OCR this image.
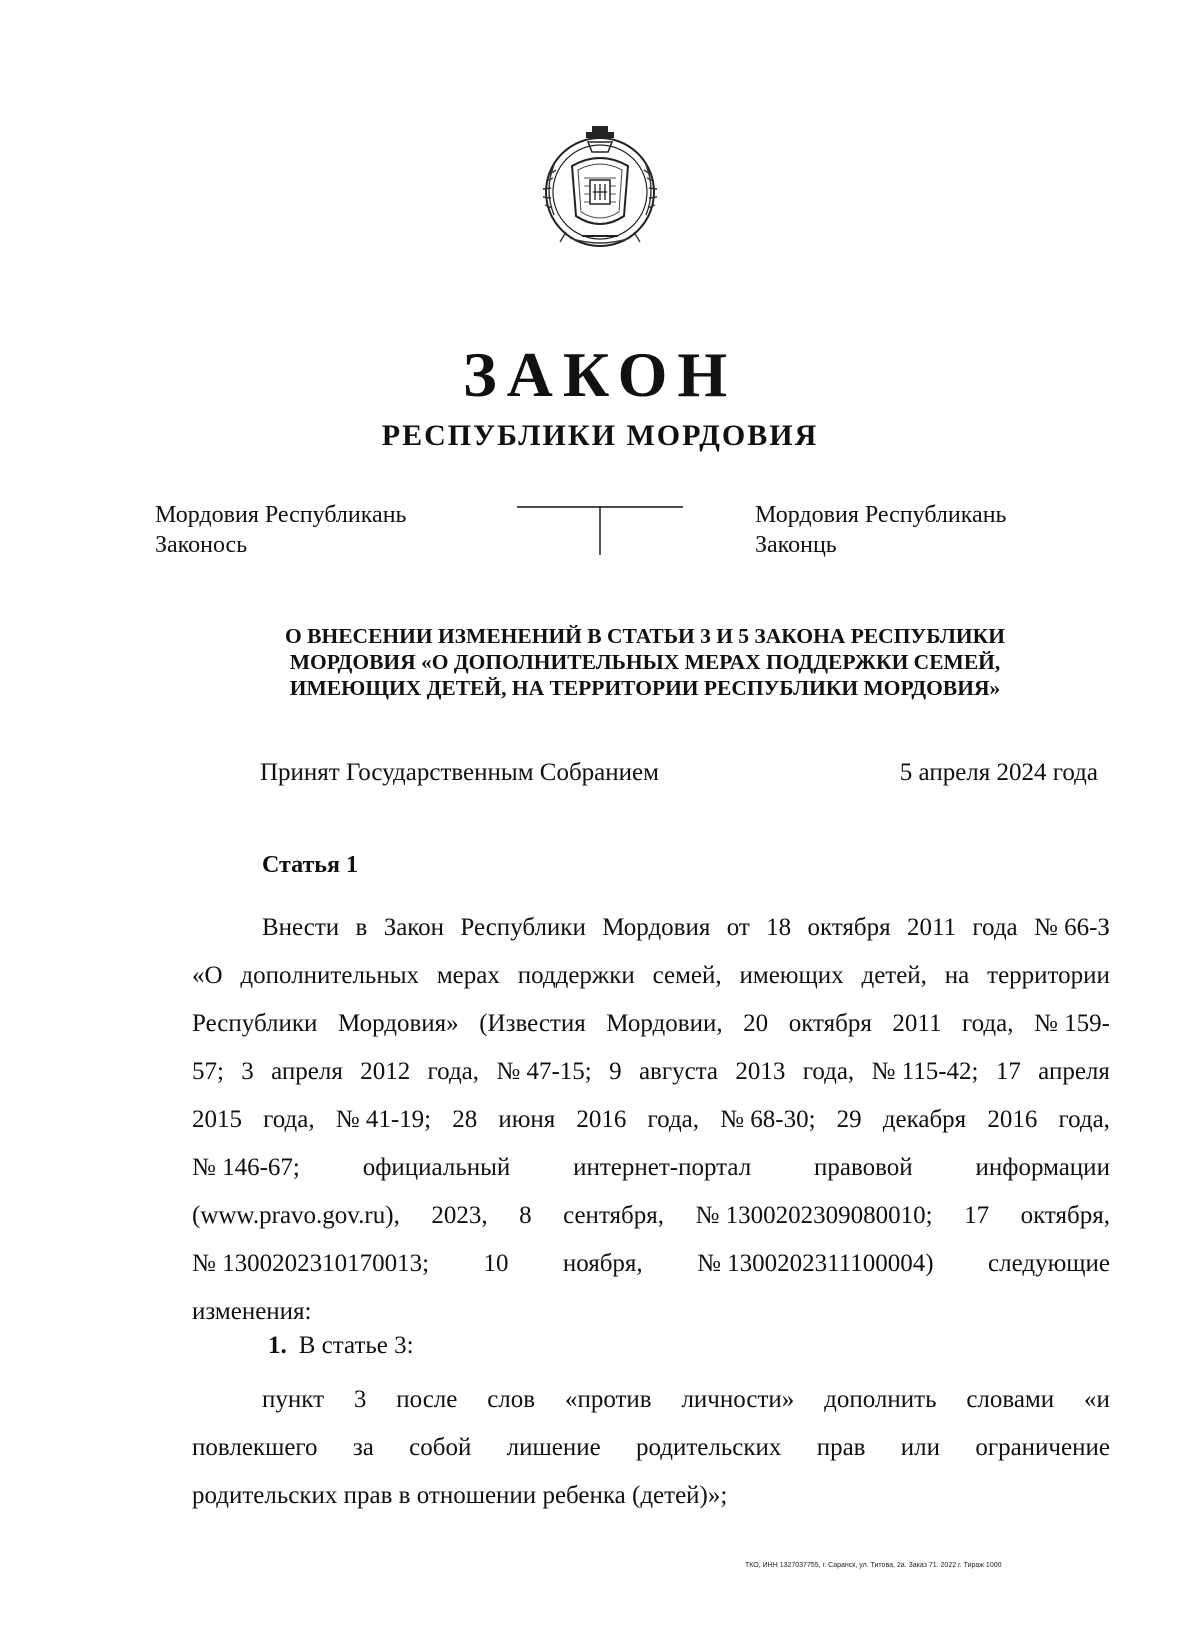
ЗАКОН
РЕСПУБЛИКИ МОРДОВИЯ
Мордовия Республикань
Законось
Мордовия Республикань
Законць
О ВНЕСЕНИИ ИЗМЕНЕНИЙ В СТАТЬИ 3 И 5 ЗАКОНА РЕСПУБЛИКИ
МОРДОВИЯ «О ДОПОЛНИТЕЛЬНЫХ МЕРАХ ПОДДЕРЖКИ СЕМЕЙ,
ИМЕЮЩИХ ДЕТЕЙ, НА ТЕРРИТОРИИ РЕСПУБЛИКИ МОРДОВИЯ»
Принят Государственным Собранием	5 апреля 2024 года
Статья 1
Внести в Закон Республики Мордовия от 18 октября 2011 года № 66-З
«О дополнительных мерах поддержки семей, имеющих детей, на территории
Республики Мордовия» (Известия Мордовии, 20 октября 2011 года, № 159-
57; 3 апреля 2012 года, № 47-15; 9 августа 2013 года, № 115-42; 17 апреля
2015 года, № 41-19; 28 июня 2016 года, № 68-30; 29 декабря 2016 года,
№ 146-67;	официальный	интернет-портал	правовой	информации
(www.pravo.gov.ru), 2023, 8 сентября, № 1300202309080010; 17 октября,
№ 1300202310170013; 10 ноября, № 1300202311100004) следующие
изменения:
1. В статье 3:
пункт 3 после слов «против личности» дополнить словами «и
повлекшего за собой лишение родительских прав или ограничение
родительских прав в отношении ребенка (детей)»;
ТКО, ИНН 1327037755, г. Саранск, ул. Титова, 2а. Заказ 71. 2022 г. Тираж 1000
